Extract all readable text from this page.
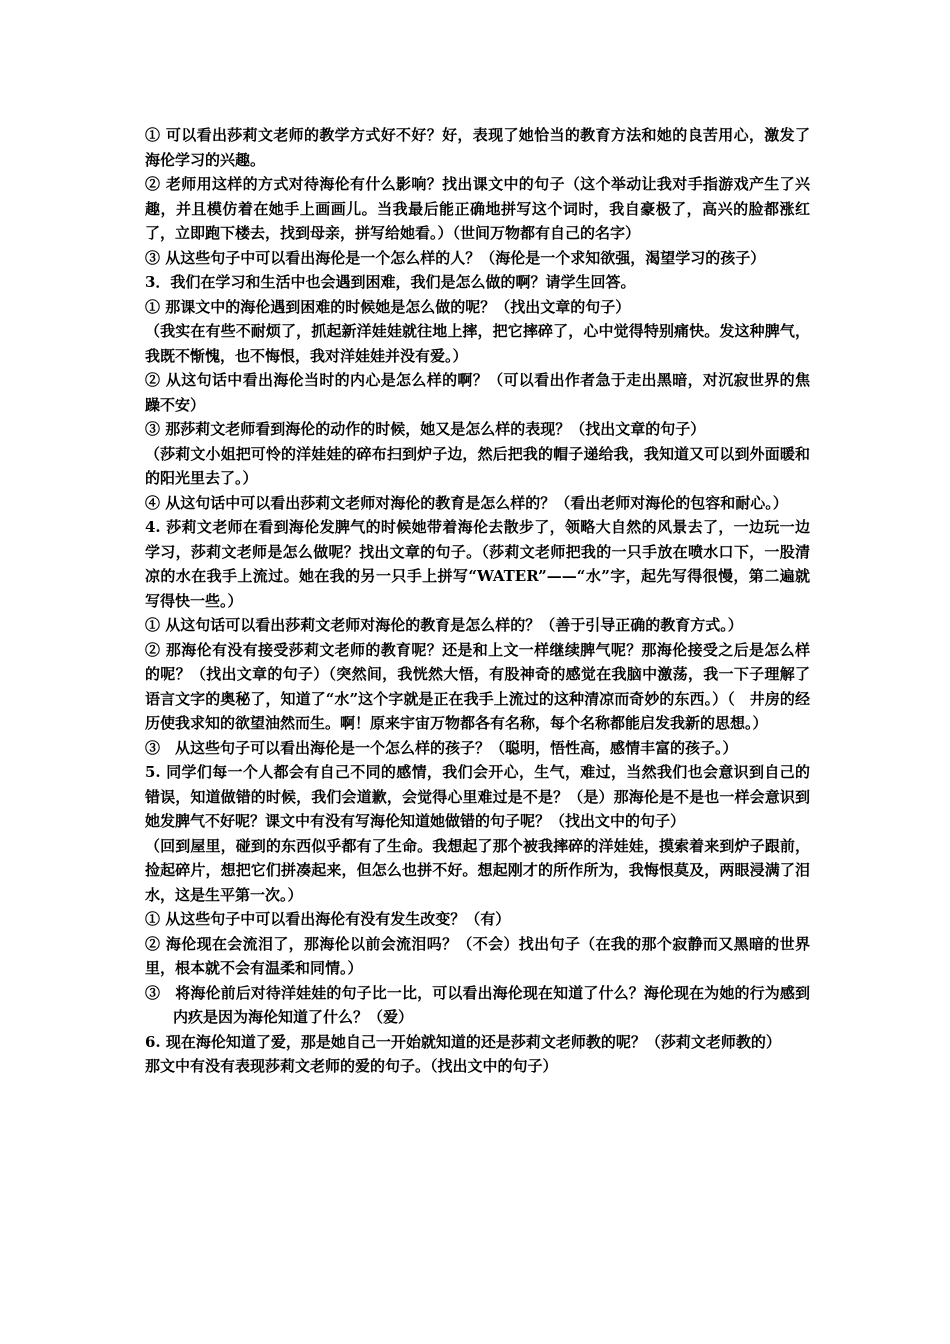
① 可以看出莎莉文老师的教学方式好不好？好，表现了她恰当的教育方法和她的良苦用心，激发了海伦学习的兴趣。

② 老师用这样的方式对待海伦有什么影响？找出课文中的句子（这个举动让我对手指游戏产生了兴趣，并且模仿着在她手上画画儿。当我最后能正确地拼写这个词时，我自豪极了，高兴的脸都涨红了，立即跑下楼去，找到母亲，拼写给她看。）（世间万物都有自己的名字）

③ 从这些句子中可以看出海伦是一个怎么样的人？（海伦是一个求知欲强，渴望学习的孩子）

3．我们在学习和生活中也会遇到困难，我们是怎么做的啊？请学生回答。

① 那课文中的海伦遇到困难的时候她是怎么做的呢？（找出文章的句子）

（我实在有些不耐烦了，抓起新洋娃娃就往地上摔，把它摔碎了，心中觉得特别痛快。发这种脾气，我既不惭愧，也不悔恨，我对洋娃娃并没有爱。）

② 从这句话中看出海伦当时的内心是怎么样的啊？（可以看出作者急于走出黑暗，对沉寂世界的焦躁不安）

③ 那莎莉文老师看到海伦的动作的时候，她又是怎么样的表现？（找出文章的句子）

（莎莉文小姐把可怜的洋娃娃的碎布扫到炉子边，然后把我的帽子递给我，我知道又可以到外面暖和的阳光里去了。）

④ 从这句话中可以看出莎莉文老师对海伦的教育是怎么样的？（看出老师对海伦的包容和耐心。）

4. 莎莉文老师在看到海伦发脾气的时候她带着海伦去散步了，领略大自然的风景去了，一边玩一边学习，莎莉文老师是怎么做呢？找出文章的句子。（莎莉文老师把我的一只手放在喷水口下，一股清凉的水在我手上流过。她在我的另一只手上拼写“WATER”——“水”字，起先写得很慢，第二遍就写得快一些。）

① 从这句话可以看出莎莉文老师对海伦的教育是怎么样的？（善于引导正确的教育方式。）

② 那海伦有没有接受莎莉文老师的教育呢？还是和上文一样继续脾气呢？那海伦接受之后是怎么样的呢？（找出文章的句子）（突然间，我恍然大悟，有股神奇的感觉在我脑中激荡，我一下子理解了语言文字的奥秘了，知道了“水”这个字就是正在我手上流过的这种清凉而奇妙的东西。）（　井房的经历使我求知的欲望油然而生。啊！原来宇宙万物都各有名称，每个名称都能启发我新的思想。）

③　从这些句子可以看出海伦是一个怎么样的孩子？（聪明，悟性高，感情丰富的孩子。）

5. 同学们每一个人都会有自己不同的感情，我们会开心，生气，难过，当然我们也会意识到自己的错误，知道做错的时候，我们会道歉，会觉得心里难过是不是？（是）那海伦是不是也一样会意识到她发脾气不好呢？课文中有没有写海伦知道她做错的句子呢？（找出文中的句子）

（回到屋里，碰到的东西似乎都有了生命。我想起了那个被我摔碎的洋娃娃，摸索着来到炉子跟前，捡起碎片，想把它们拼凑起来，但怎么也拼不好。想起刚才的所作所为，我悔恨莫及，两眼浸满了泪水，这是生平第一次。）

① 从这些句子中可以看出海伦有没有发生改变？（有）

② 海伦现在会流泪了，那海伦以前会流泪吗？（不会）找出句子（在我的那个寂静而又黑暗的世界里，根本就不会有温柔和同情。）

③　将海伦前后对待洋娃娃的句子比一比，可以看出海伦现在知道了什么？海伦现在为她的行为感到内疚是因为海伦知道了什么？（爱）

6. 现在海伦知道了爱，那是她自己一开始就知道的还是莎莉文老师教的呢？（莎莉文老师教的）

那文中有没有表现莎莉文老师的爱的句子。（找出文中的句子）
